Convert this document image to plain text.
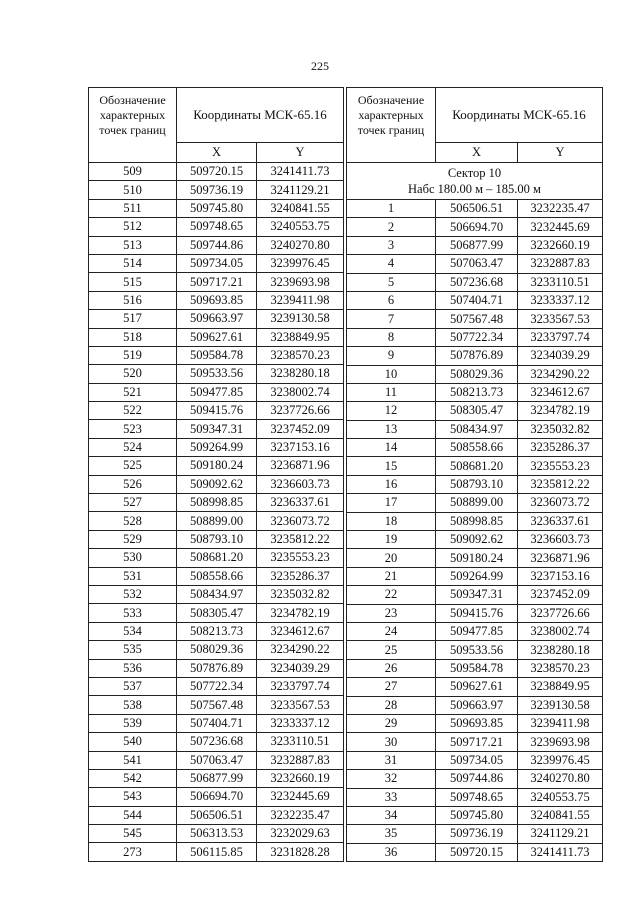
225
Обозначение характерных точек границ	Координаты МСК-65.16	
	X	Y
509	509720.15	3241411.73
510	509736.19	3241129.21
511	509745.80	3240841.55
512	509748.65	3240553.75
513	509744.86	3240270.80
514	509734.05	3239976.45
515	509717.21	3239693.98
516	509693.85	3239411.98
517	509663.97	3239130.58
518	509627.61	3238849.95
519	509584.78	3238570.23
520	509533.56	3238280.18
521	509477.85	3238002.74
522	509415.76	3237726.66
523	509347.31	3237452.09
524	509264.99	3237153.16
525	509180.24	3236871.96
526	509092.62	3236603.73
527	508998.85	3236337.61
528	508899.00	3236073.72
529	508793.10	3235812.22
530	508681.20	3235553.23
531	508558.66	3235286.37
532	508434.97	3235032.82
533	508305.47	3234782.19
534	508213.73	3234612.67
535	508029.36	3234290.22
536	507876.89	3234039.29
537	507722.34	3233797.74
538	507567.48	3233567.53
539	507404.71	3233337.12
540	507236.68	3233110.51
541	507063.47	3232887.83
542	506877.99	3232660.19
543	506694.70	3232445.69
544	506506.51	3232235.47
545	506313.53	3232029.63
273	506115.85	3231828.28
Обозначение характерных точек границ	Координаты МСК-65.16	
	X	Y

Сектор 10
Набс 180.00 м – 185.00 м		

1	506506.51	3232235.47
2	506694.70	3232445.69
3	506877.99	3232660.19
4	507063.47	3232887.83
5	507236.68	3233110.51
6	507404.71	3233337.12
7	507567.48	3233567.53
8	507722.34	3233797.74
9	507876.89	3234039.29
10	508029.36	3234290.22
11	508213.73	3234612.67
12	508305.47	3234782.19
13	508434.97	3235032.82
14	508558.66	3235286.37
15	508681.20	3235553.23
16	508793.10	3235812.22
17	508899.00	3236073.72
18	508998.85	3236337.61
19	509092.62	3236603.73
20	509180.24	3236871.96
21	509264.99	3237153.16
22	509347.31	3237452.09
23	509415.76	3237726.66
24	509477.85	3238002.74
25	509533.56	3238280.18
26	509584.78	3238570.23
27	509627.61	3238849.95
28	509663.97	3239130.58
29	509693.85	3239411.98
30	509717.21	3239693.98
31	509734.05	3239976.45
32	509744.86	3240270.80
33	509748.65	3240553.75
34	509745.80	3240841.55
35	509736.19	3241129.21
36	509720.15	3241411.73
